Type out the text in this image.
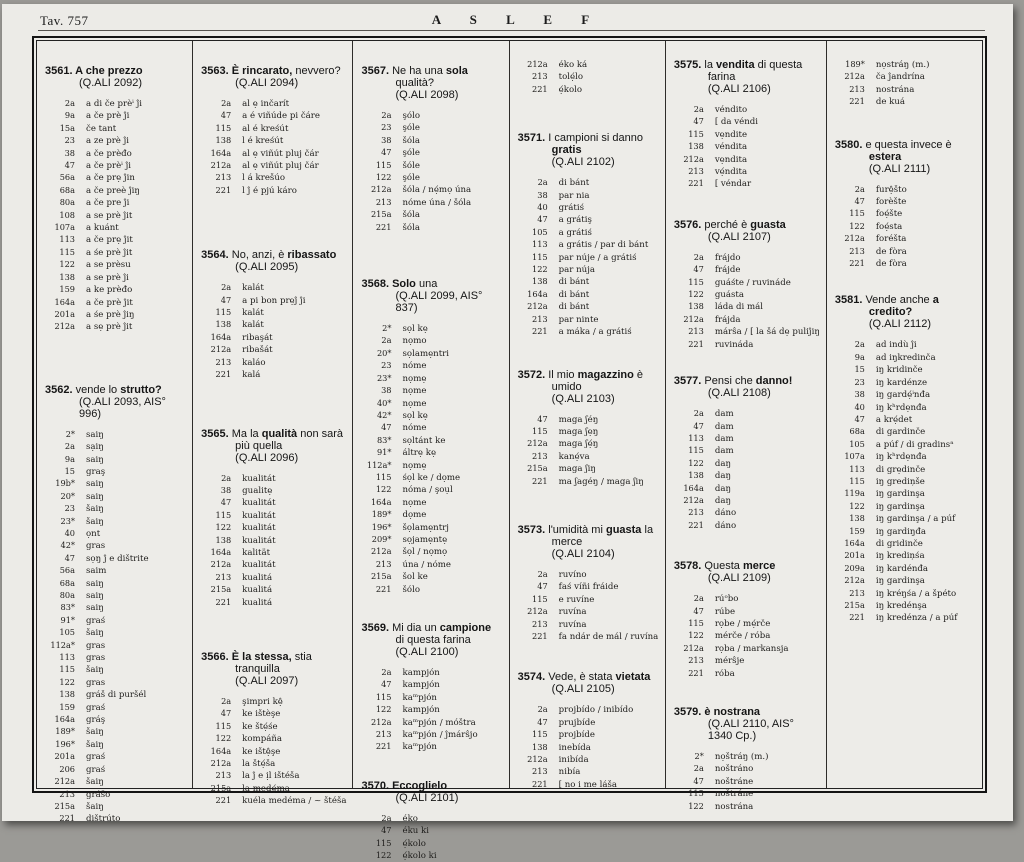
Tav. 757	A S L E F
3561. A che prezzo
(Q.ALI 2092)
2a	a di če prèⁱ ĵi
9a	a če prè ĵi
15a	če tant
23	a ze prè ĵi
38	a če prèđo
47	a če prèⁱ ĵi
56a	a če prẹ ĵin
68a	a če preè ĵiŋ
80a	a če pre ĵi
108	a se prè ĵit
107a	a kuánt
113	a če prẹ ĵit
115	a śe prè ĵit
122	a se prèsu
138	a se prè ĵi
159	a ke prèđo
164a	a če prè ĵit
201a	a śe prè ĵiŋ
212a	a sẹ prè ĵit
3562. vende lo strutto?
(Q.ALI 2093, AIS° 996)
2*	saiŋ
2a	sạiŋ
9a	saiŋ
15	graş
19b*	saiŋ
20*	saiŋ
23	šaiŋ
23*	šaiŋ
40	ọnt
42*	gras
47	sọŋ ĵ e dištrite
56a	saim
68a	saiŋ
80a	saiŋ
83*	saiŋ
91*	graś
105	šaiŋ
112a*	gras
113	gras
115	šaiŋ
122	gras
138	gráš di puršél
159	graś
164a	gráş
189*	šaiŋ
196*	šaiŋ
201a	graś
206	graś
212a	šaiŋ
213	grášo
215a	šaiŋ
221	dištrúto
3563. È rincarato, nevvero?
(Q.ALI 2094)
2a	al ẹ inčarít
47	a é viñúde pi čáre
115	al é kreśút
138	l é kreśút
164a	al ẹ viñút pluj čár
212a	al ẹ viñút pluj čár
213	l á krešúo
221	l ĵ é pjú káro
3564. No, anzi, è ribassato
(Q.ALI 2095)
2a	kalát
47	a pi bon prẹĵ ĵi
115	kalát
138	kalát
164a	ribaşát
212a	ribašát
213	kaláo
221	kalá
3565. Ma la qualità non sarà più quella
(Q.ALI 2096)
2a	kualitát
38	gualitẹ
47	kualitát
115	kualitát
122	kualitát
138	kualitát
164a	kalität
212a	kualitát
213	kualitá
215a	kualitá
221	kualitá
3566. È la stessa, stia tranquilla
(Q.ALI 2097)
2a	şimpri kệ
47	ke ištèşe
115	ke štẹ́śe
122	kompáña
164a	ke ištệşe
212a	la štẹ́ša
213	la ĵ e ịl ištéša
215a	la medẹ́ma
221	kuéla medéma / ~ štéša
3567. Ne ha una sola qualità?
(Q.ALI 2098)
2a	şólo
23	şóle
38	šóla
47	şóle
115	šóle
122	şóle
212a	šóla / nẹ́mọ úna
213	nóme úna / šóla
215a	šóla
221	šóla
3568. Solo una
(Q.ALI 2099, AIS° 837)
2*	sọl kẹ
2a	nọmo
20*	sọlamẹntri
23	nóme
23*	nọmẹ
38	nọme
40*	nọme
42*	sọl kẹ
47	nóme
83*	sọltánt ke
91*	áltrẹ kẹ
112a*	nọmẹ
115	śọl ke / dọme
122	nóma / şoụl
164a	nọme
189*	dọme
196*	šọlamẹntrj
209*	sọjamẹntẹ
212a	šọl / nọmọ
213	úna / nóme
215a	šol ke
221	šólo
3569. Mi dia un campione di questa farina
(Q.ALI 2100)
2a	kampjón
47	kampjón
115	kaᵐpjón
122	kampjón
212a	kaᵐpjón / móštra
213	kaᵐpjón / ĵmárŝjo
221	kaᵐpjón
3570. Eccoglielo
(Q.ALI 2101)
2a	éko
47	éku ki
115	ẹ́kolo
122	ẹ́kolo ki
212a	éko ká
213	tolẹ́lo
221	ẹ́kolo
3571. I campioni si danno gratis
(Q.ALI 2102)
2a	di bánt
38	par nia
40	grátiś
47	a grátiş
105	a grátiś
113	a grátis / par di bánt
115	par núje / a grátiś
122	par núja
138	di bánt
164a	di bánt
212a	di bánt
213	par ninte
221	a máka / a grátiś
3572. Il mio magazzino è umido
(Q.ALI 2103)
47	maga ʃéŋ
115	maga ʃẹŋ
212a	maga ʃẹ́ŋ
213	kanẹ́va
215a	maga ʃiŋ
221	ma ʃagéŋ / maga ʃiŋ
3573. l'umidità mi guasta la merce
(Q.ALI 2104)
2a	ruvíno
47	faś víñi fráide
115	e ruvíne
212a	ruvína
213	ruvína
221	fa ndár de mál / ruvína
3574. Vede, è stata vietata
(Q.ALI 2105)
2a	projbído / inibído
47	prujbíde
115	projbíde
138	inebída
212a	inibída
213	nibía
221	[ no i me láša
3575. la vendita di questa farina
(Q.ALI 2106)
2a	véndito
47	[ da véndi
115	vẹndite
138	véndita
212a	vẹndita
213	vẹ́ndita
221	[ véndar
3576. perché è guasta
(Q.ALI 2107)
2a	frájdo
47	frájde
115	guáśte / ruvináde
122	guásta
138	láda di mál
212a	frájda
213	márŝa / [ la šá dẹ puliĵiŋ
221	ruvináda
3577. Pensi che danno!
(Q.ALI 2108)
2a	dam
47	dam
113	dam
115	dam
122	daŋ
138	daŋ
164a	daŋ
212a	daŋ
213	dáno
221	dáno
3578. Questa merce
(Q.ALI 2109)
2a	rúᵒbo
47	rúbe
115	rọbe / mẹ́rče
122	mérče / róba
212a	rọba / markansja
213	mérŝje
221	róba
3579. è nostrana
(Q.ALI 2110, AIS° 1340 Cp.)
2*	nọštráŋ (m.)
2a	noštráno
47	noštráne
115	noštráne
122	nostrána
189*	nọstráŋ (m.)
212a	ča ĵandrína
213	nostrána
221	de kuá
3580. e questa invece è estera
(Q.ALI 2111)
2a	furệšto
47	forèšte
115	foẹ́šte
122	foẹ́sta
212a	foréšta
213	de fòra
221	de fòra
3581. Vende anche a credito?
(Q.ALI 2112)
2a	ad indù ĵi
9a	ad iŋkredinča
15	iŋ kridinče
23	iŋ kardénze
38	iŋ gardẹ́ⁱnđa
40	iŋ kʰrdẹnđa
47	a krẹ́det
68a	di gardinče
105	a púf / di gradinsᵃ
107a	iŋ kʰrdẹnđa
113	di grẹdinče
115	iŋ grediņše
119a	iŋ gardinşa
122	iŋ gardinşa
138	iŋ gardinşa / a púf
159	iŋ gardiŋđa
164a	di gridinče
201a	iŋ krediņśa
209a	iŋ kardénđa
212a	iŋ gardinşa
213	iŋ kréŋśa / a špéto
215a	iŋ kredénşa
221	iŋ kredénza / a púf
